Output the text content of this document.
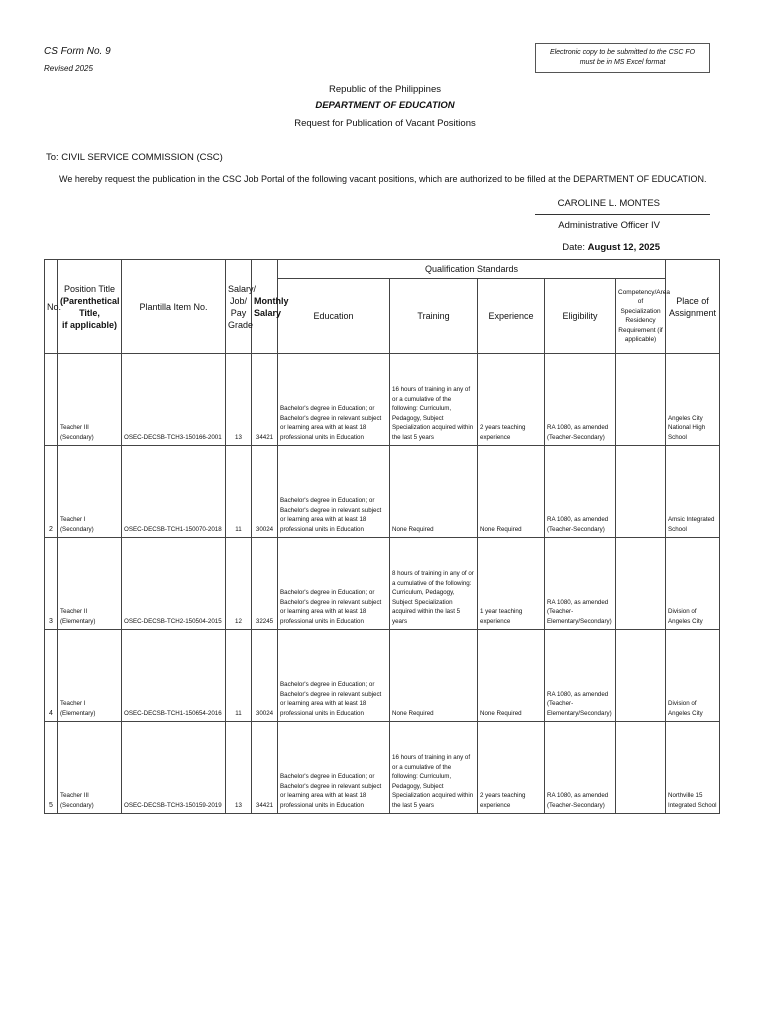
CS Form No. 9
Revised 2025
Electronic copy to be submitted to the CSC FO
must be in MS Excel format
Republic of the Philippines
DEPARTMENT OF EDUCATION
Request for Publication of Vacant Positions
To: CIVIL SERVICE COMMISSION (CSC)
We hereby request the publication in the CSC Job Portal of the following vacant positions, which are authorized to be filled at the DEPARTMENT OF EDUCATION.
CAROLINE L. MONTES
Administrative Officer IV
Date: August 12, 2025
No.	Position Title
(Parenthetical Title,
if applicable)	Plantilla Item No.	Salary/ Job/ Pay Grade	Monthly Salary	Qualification Standards					Place of Assignment
					Education	Training	Experience	Eligibility	Competency/Area of Specialization Residency Requirement (if applicable)	
	Teacher III (Secondary)	OSEC-DECSB-TCH3-150166-2001	13	34421	Bachelor's degree in Education; or Bachelor's degree in relevant subject or learning area with at least 18 professional units in Education	16 hours of training in any of or a cumulative of the following: Curriculum, Pedagogy, Subject Specialization acquired within the last 5 years	2 years teaching experience	RA 1080, as amended (Teacher-Secondary)		Angeles City National High School
2	Teacher I (Secondary)	OSEC-DECSB-TCH1-150070-2018	11	30024	Bachelor's degree in Education; or Bachelor's degree in relevant subject or learning area with at least 18 professional units in Education	None Required	None Required	RA 1080, as amended (Teacher-Secondary)		Amsic Integrated School
3	Teacher II (Elementary)	OSEC-DECSB-TCH2-150504-2015	12	32245	Bachelor's degree in Education; or Bachelor's degree in relevant subject or learning area with at least 18 professional units in Education	8 hours of training in any of or a cumulative of the following: Curriculum, Pedagogy, Subject Specialization acquired within the last 5 years	1 year teaching experience	RA 1080, as amended (Teacher-Elementary/Secondary)		Division of Angeles City
4	Teacher I (Elementary)	OSEC-DECSB-TCH1-150654-2016	11	30024	Bachelor's degree in Education; or Bachelor's degree in relevant subject or learning area with at least 18 professional units in Education	None Required	None Required	RA 1080, as amended (Teacher-Elementary/Secondary)		Division of Angeles City
5	Teacher III (Secondary)	OSEC-DECSB-TCH3-150159-2019	13	34421	Bachelor's degree in Education; or Bachelor's degree in relevant subject or learning area with at least 18 professional units in Education	16 hours of training in any of or a cumulative of the following: Curriculum, Pedagogy, Subject Specialization acquired within the last 5 years	2 years teaching experience	RA 1080, as amended (Teacher-Secondary)		Northville 15 Integrated School
